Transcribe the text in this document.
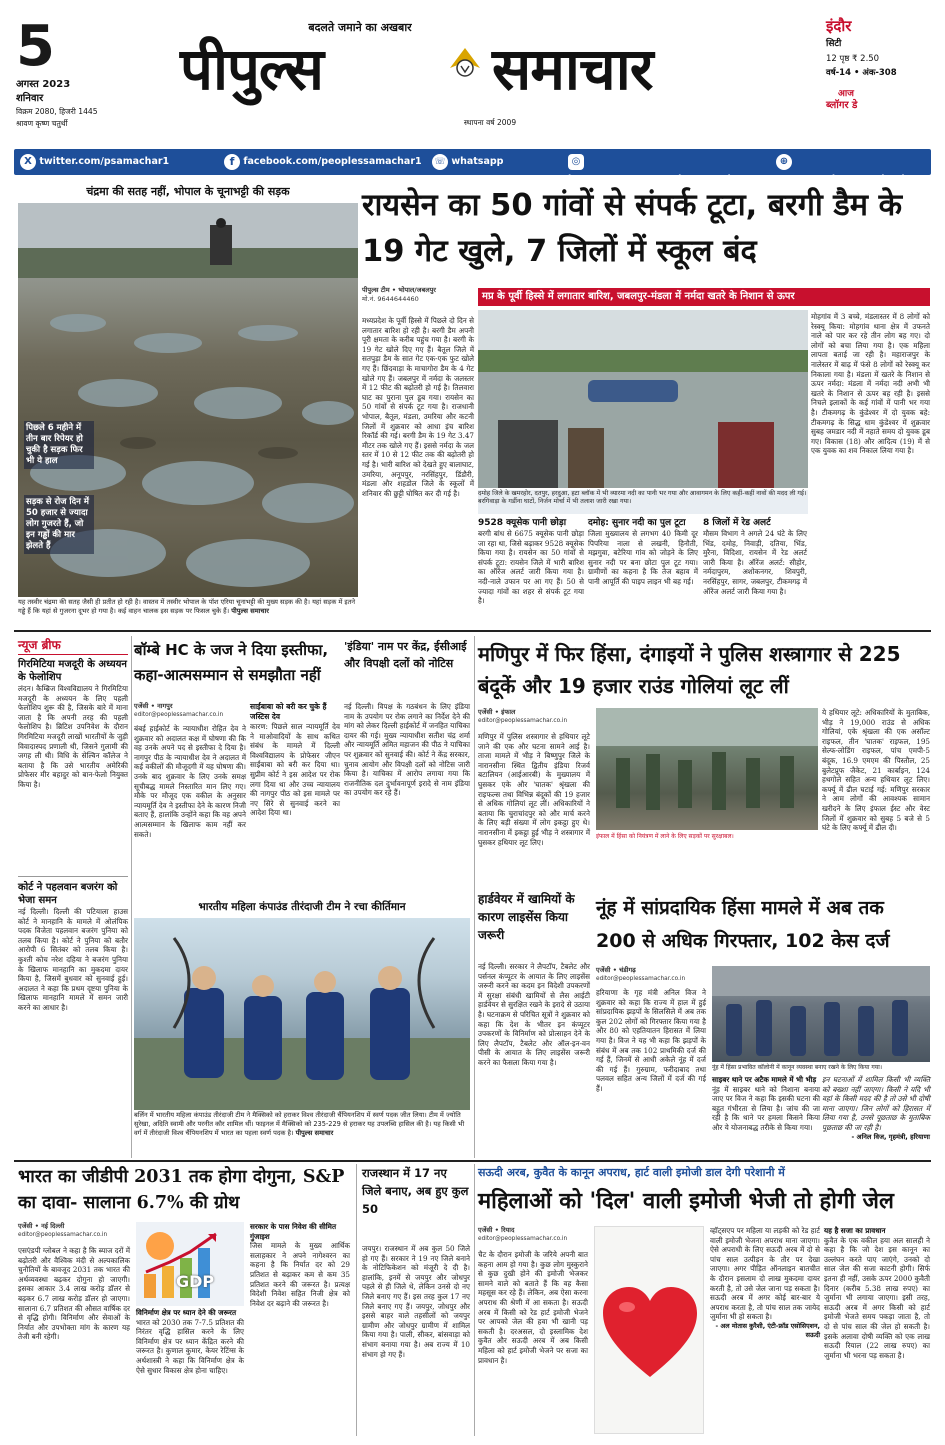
5
अगस्त 2023
शनिवार
विक्रम 2080, हिजरी 1445
श्रावण कृष्ण चतुर्थी
बदलते जमाने का अखबार
पीपुल्स	समाचार
स्थापना वर्ष 2009
इंदौर
सिटी
12 पृष्ठ ₹ 2.50
वर्ष-14 • अंक-308
आज
ब्लॉगर डे
X twitter.com/psamachar1	f facebook.com/peoplessamachar1 ☏ whatsapp 9644644460
◎ instagram.com/peoplessamachar1
⊕ www.peoplessamachar.in
चंद्रमा की सतह नहीं, भोपाल के चूनाभट्टी की सड़क
पिछले 6 महीने में तीन बार रिपेयर हो चुकी है सड़क फिर भी ये हाल
सड़क से रोज दिन में 50 हजार से ज्यादा लोग गुजरते हैं, जो इन गड्ढों की मार झेलते हैं
यह तस्वीर चंद्रमा की सतह जैसी ही प्रतीत हो रही है। वास्तव में तस्वीर भोपाल के पॉश एरिया चूनाभट्टी की मुख्य सड़क की है। यहां सड़क में इतने गड्ढे हैं कि यहां से गुजरना दूभर हो गया है। कई वाहन चालक इस सड़क पर फिसल चुके हैं। पीपुल्स समाचार
रायसेन का 50 गांवों से संपर्क टूटा, बरगी डैम के 19 गेट खुले, 7 जिलों में स्कूल बंद
पीपुल्स टीम • भोपाल/जबलपुर
मो.नं. 9644644460	मप्र के पूर्वी हिस्से में लगातार बारिश, जबलपुर-मंडला में नर्मदा खतरे के निशान से ऊपर
मध्यप्रदेश के पूर्वी हिस्से में पिछले दो दिन से लगातार बारिश हो रही है। बरगी डैम अपनी पूरी क्षमता के करीब पहुंच गया है। बरगी के 19 गेट खोले दिए गए हैं। बैतूल जिले में सतपुड़ा डैम के सात गेट एक-एक फुट खोले गए हैं। छिंदवाड़ा के माचागोरा डैम के 4 गेट खोले गए हैं। जबलपुर में नर्मदा के जलस्तर में 12 फीट की बढ़ोतरी हो गई है। तिलवारा घाट का पुराना पुल डूब गया। रायसेन का 50 गांवों से संपर्क टूट गया है। राजधानी भोपाल, बैतूल, मंडला, उमरिया और कटनी जिलों में शुक्रवार को आधा इंच बारिश रिकॉर्ड की गई। बरगी डैम के 19 गेट 3.47 मीटर तक खोले गए हैं। इससे नर्मदा के जल स्तर में 10 से 12 फीट तक की बढ़ोतरी हो गई है। भारी बारिश को देखते हुए बालाघाट, उमरिया, अनूपपुर, नरसिंहपुर, डिंडौरी, मंडला और शहडोल जिले के स्कूलों में शनिवार की छुट्टी घोषित कर दी गई है।	दमोह जिले के खमरहोर, दतपुर, हरदुआ, हटा ब्लॉक में भी व्यारमा नदी का पानी भर गया और आवागमन के लिए कहीं-कहीं नावों की मदद ली गई। बरगिवाड़ा के गर्डीना घाटों, निर्जन मोर्चा में भी तलाश जारी रखा गया।
मोहगांव में 3 बच्चे, मंडलास्तर में 8 लोगों को रेस्क्यू किया: मोहगांव थाना क्षेत्र में उफनते नाले को पार कर रहे तीन लोग बह गए। दो लोगों को बचा लिया गया है। एक महिला लापता बताई जा रही है। महाराजपुर के नालेस्तर में बाढ़ में फंसे 8 लोगों को रेस्क्यू कर निकाला गया है। मंडला में खतरे के निशान से ऊपर नर्मदा: मंडला में नर्मदा नदी अभी भी खतरे के निशान से ऊपर बह रही है। इससे निचले इलाकों के कई गांवों में पानी भर गया है। टीकमगढ़ के कुंडेश्वर में दो युवक बहे: टीकमगढ़ के सिद्ध धाम कुंडेश्वर में शुक्रवार सुबह जमडार नदी में नहाते समय दो युवक डूब गए। विकास (18) और आदित्य (19) में से एक युवक का शव निकाल लिया गया है।
9528 क्यूसेक पानी छोड़ा
बरगी बांध से 6675 क्यूसेक पानी छोड़ा जा रहा था, जिसे बढ़ाकर 9528 क्यूसेक किया गया है। रायसेन का 50 गांवों से संपर्क टूटा: रायसेन जिले में भारी बारिश का ऑरेंज अलर्ट जारी किया गया है। नदी-नाले उफान पर आ गए हैं। 50 से ज्यादा गांवों का शहर से संपर्क टूट गया है।
दमोह: सुनार नदी का पुल टूटा
जिला मुख्यालय से लगभग 40 किमी दूर पिपरिया नाला से लखनी, हिनौती, मझगुवा, बटेरिया गांव को जोड़ने के लिए सुनार नदी पर बना छोटा पुल टूट गया। ग्रामीणों का कहना है कि तेज बहाव में पानी आपूर्ति की पाइप लाइन भी बह गई।
8 जिलों में रेड अलर्ट
मौसम विभाग ने अगले 24 घंटे के लिए भिंड, दमोह, निवाड़ी, दतिया, भिंड, मुरैना, विदिशा, रायसेन में रेड अलर्ट जारी किया है। ऑरेंज अलर्ट: सीहोर, नर्मदापुरम, अशोकनगर, शिवपुरी, नरसिंहपुर, सागर, जबलपुर, टीकमगढ़ में ऑरेंज अलर्ट जारी किया गया है।
न्यूज ब्रीफ
गिरमिटिया मजदूरी के अध्ययन के फेलोशिप
लंदन। कैम्ब्रिज विश्वविद्यालय ने गिरमिटिया मजदूरी के अध्ययन के लिए पहली फेलोशिप शुरू की है, जिसके बारे में माना जाता है कि अपनी तरह की पहली फेलोशिप है। ब्रिटिश उपनिवेश के दौरान गिरमिटिया मजदूरी लाखों भारतीयों के जुड़ी विवादास्पद प्रणाली थी, जिसने गुलामी की जगह ली थी। विधि के सेल्विन कॉलेज ने बताया है कि उसे भारतीय अमेरिकी प्रोफेसर मीर बहादुर को बान-फेलो नियुक्त किया है।
कोर्ट ने पहलवान बजरंग को भेजा समन
नई दिल्ली। दिल्ली की पटियाला हाउस कोर्ट ने मानहानि के मामले में ओलंपिक पदक विजेता पहलवान बजरंग पुनिया को तलब किया है। कोर्ट ने पुनिया को बतौर आरोपी 6 सितंबर को तलब किया है। कुश्ती कोच नरेश दहिया ने बजरंग पुनिया के खिलाफ मानहानि का मुकदमा दायर किया है, जिसमें बुधवार को सुनवाई हुई। अदालत ने कहा कि प्रथम दृष्टया पुनिया के खिलाफ मानहानि मामले में समन जारी करने का आधार है।
बॉम्बे HC के जज ने दिया इस्तीफा, कहा-आत्मसम्मान से समझौता नहीं
एजेंसी • नागपुर
editor@peoplessamachar.co.in
बंबई हाईकोर्ट के न्यायाधीश रोहित देव ने शुक्रवार को अदालत कक्ष में घोषणा की कि वह उनके अपने पद से इस्तीफा दे दिया है। नागपुर पीठ के न्यायाधीश देव ने अदालत में कई वकीलों की मौजूदगी में यह घोषणा की। उनके बाद शुक्रवार के लिए उनके समक्ष सूचीबद्ध मामले निस्तारित मान लिए गए। मौके पर मौजूद एक वकील के अनुसार न्यायमूर्ति देव ने इस्तीफा देने के कारण निजी बताए हैं, हालांकि उन्होंने कहा कि वह अपने आत्मसम्मान के खिलाफ काम नहीं कर सकते।
साईंबाबा को बरी कर चुके हैं जस्टिस देव
कारण: पिछले साल न्यायमूर्ति देव ने माओवादियों के साथ कथित संबंध के मामले में दिल्ली विश्वविद्यालय के प्रोफेसर जीएन साईंबाबा को बरी कर दिया था। सुप्रीम कोर्ट ने इस आदेश पर रोक लगा दिया था और उच्च न्यायालय की नागपुर पीठ को इस मामले पर नए सिरे से सुनवाई करने का आदेश दिया था।
'इंडिया' नाम पर केंद्र, ईसीआई और विपक्षी दलों को नोटिस
नई दिल्ली। विपक्ष के गठबंधन के लिए इंडिया नाम के उपयोग पर रोक लगाने का निर्देश देने की मांग को लेकर दिल्ली हाईकोर्ट में जनहित याचिका दायर की गई। मुख्य न्यायाधीश सतीश चंद्र शर्मा और न्यायमूर्ति अमित महाजन की पीठ ने याचिका पर शुक्रवार को सुनवाई की। कोर्ट ने केंद्र सरकार, चुनाव आयोग और विपक्षी दलों को नोटिस जारी किया है। याचिका में आरोप लगाया गया कि राजनीतिक दल दुर्भावनापूर्ण इरादे से नाम इंडिया का उपयोग कर रहे हैं।
मणिपुर में फिर हिंसा, दंगाइयों ने पुलिस शस्त्रागार से 225 बंदूकें और 19 हजार राउंड गोलियां लूट लीं
एजेंसी • इंफाल
editor@peoplessamachar.co.in
मणिपुर में पुलिस शस्त्रागार से हथियार लूटे जाने की एक और घटना सामने आई है। ताजा मामले में भीड़ ने बिष्णुपुर जिले के नारानसीना स्थित द्वितीय इंडिया रिजर्व बटालियन (आईआरबी) के मुख्यालय में घुसकर एके और 'घातक' श्रृंखला की राइफल्स तथा विभिन्न बंदूकों की 19 हजार से अधिक गोलियां लूट लीं। अधिकारियों ने बताया कि चुराचांदपुर को और मार्च करने के लिए बड़ी संख्या में लोग इकट्ठा हुए थे। नारानसीना में इकट्ठा हुई भीड़ ने शस्त्रागार में घुसकर हथियार लूट लिए।
इंफाल में हिंसा को नियंत्रण में लाने के लिए सड़कों पर सुरक्षाबल।
ये हथियार लूटे: अधिकारियों के मुताबिक, भीड़ ने 19,000 राउंड से अधिक गोलियां, एके श्रृंखला की एक असॉल्ट राइफल, तीन 'घातक' राइफल, 195 सेल्फ-लोडिंग राइफल, पांच एमपी-5 बंदूक, 16.9 एमएम की पिस्तौल, 25 बुलेटप्रूफ जैकेट, 21 कार्बाइन, 124 हथगोले सहित अन्य हथियार लूट लिए। कर्फ्यू में ढील घटाई गई: मणिपुर सरकार ने आम लोगों की आवश्यक सामान खरीदने के लिए इंफाल ईस्ट और वेस्ट जिलों में शुक्रवार को सुबह 5 बजे से 5 घंटे के लिए कर्फ्यू में ढील दी।
भारतीय महिला कंपाउंड तीरंदाजी टीम ने रचा कीर्तिमान
बर्लिन में भारतीय महिला कंपाउंड तीरंदाजी टीम ने मैक्सिको को हराकर विश्व तीरंदाजी चैंपियनशिप में स्वर्ण पदक जीत लिया। टीम में ज्योति सुरेखा, अदिति स्वामी और परनीत कौर शामिल थीं। फाइनल में मैक्सिको को 235-229 से हराकर यह उपलब्धि हासिल की है। यह किसी भी वर्ग में तीरंदाजी विश्व चैंपियनशिप में भारत का पहला स्वर्ण पदक है। पीपुल्स समाचार
हार्डवेयर में खामियों के कारण लाइसेंस किया जरूरी
नई दिल्ली। सरकार ने लैपटॉप, टैबलेट और पर्सनल कंप्यूटर के आयात के लिए लाइसेंस जरूरी करने का कदम इन विदेशी उपकरणों में सुरक्षा संबंधी खामियों से लैस आईटी हार्डवेयर से सुरक्षित रखने के इरादे से उठाया है। घटनाक्रम से परिचित सूत्रों ने शुक्रवार को कहा कि देश के भीतर इन कंप्यूटर उपकरणों के विनिर्माण को प्रोत्साहन देने के लिए लैपटॉप, टैबलेट और ऑल-इन-वन पीसी के आयात के लिए लाइसेंस जरूरी करने का फैसला किया गया है।
नूंह में सांप्रदायिक हिंसा मामले में अब तक 200 से अधिक गिरफ्तार, 102 केस दर्ज
एजेंसी • चंडीगढ़
editor@peoplessamachar.co.in
हरियाणा के गृह मंत्री अनिल विज ने शुक्रवार को कहा कि राज्य में हाल में हुई सांप्रदायिक झड़पों के सिलसिले में अब तक कुल 202 लोगों को गिरफ्तार किया गया है और 80 को एहतियातन हिरासत में लिया गया है। विज ने यह भी कहा कि झड़पों के संबंध में अब तक 102 प्राथमिकी दर्ज की गई हैं, जिनमें से आधी अकेले नूंह में दर्ज की गई हैं। गुरुग्राम, फरीदाबाद तथा पलवल सहित अन्य जिलों में दर्ज की गई हैं।
नूंह में हिंसा प्रभावित कॉलोनी में कानून व्यवस्था बनाए रखने के लिए किया गया।
साइबर थाने पर अटैक मामले में भी भीड़
नूंह में साइबर थाने को निशाना बनाया जाए पर विज ने कहा कि इसकी घटना की बहुत गंभीरता से लिया है। जांच की जा रही है कि थाने पर हमला किसने किया और ये योजनाबद्ध तरीके से किया गया।
इन घटनाओं में शामिल किसी भी व्यक्ति को बख्शा नहीं जाएगा। किसी ने यदि भी वहां के किसी मदद की है तो उसे भी दोषी माना जाएगा। जिन लोगों को हिरासत में लिया गया है, उनसे पूछताछ के मुताबिक पूछताछ की जा रही है।
- अनिल विज, गृहमंत्री, हरियाणा
भारत का जीडीपी 2031 तक होगा दोगुना, S&P का दावा- सालाना 6.7% की ग्रोथ
एजेंसी • नई दिल्ली
editor@peoplessamachar.co.in
एसएंडपी ग्लोबल ने कहा है कि ब्याज दरों में बढ़ोतरी और वैश्विक मंदी से अल्पकालिक चुनौतियों के बावजूद 2031 तक भारत की अर्थव्यवस्था बढ़कर दोगुना हो जाएगी। इसका आकार 3.4 लाख करोड़ डॉलर से बढ़कर 6.7 लाख करोड़ डॉलर हो जाएगा। सालाना 6.7 प्रतिशत की औसत वार्षिक दर से वृद्धि होगी। विनिर्माण और सेवाओं के निर्यात और उपभोक्ता मांग के कारण यह तेजी बनी रहेगी।
GDP
विनिर्माण क्षेत्र पर ध्यान देने की जरूरत
भारत को 2030 तक 7-7.5 प्रतिशत की निरंतर वृद्धि हासिल करने के लिए विनिर्माण क्षेत्र पर ध्यान केंद्रित करने की जरूरत है। कुणाल कुमार, केयर रेटिंग्स के अर्थशास्त्री ने कहा कि विनिर्माण क्षेत्र के ऐसे सुधार विकास क्षेत्र होना चाहिए।
सरकार के पास निवेश की सीमित गुंजाइश
जिस मामले के मुख्य आर्थिक सलाहकार ने अपने नागेश्वरन का कहना है कि निर्यात दर को 29 प्रतिशत से बढ़ाकर कम से कम 35 प्रतिशत करने की जरूरत है। प्रत्यक्ष विदेशी निवेश सहित निजी क्षेत्र को निवेश दर बढ़ाने की जरूरत है।
राजस्थान में 17 नए जिले बनाए, अब हुए कुल 50
जयपुर। राजस्थान में अब कुल 50 जिले हो गए हैं। सरकार ने 19 नए जिले बनाने के नोटिफिकेशन को मंजूरी दे दी है। हालांकि, इनमें से जयपुर और जोधपुर पहले से ही जिले थे, लेकिन उनसे दो नए जिले बनाए गए हैं। इस तरह कुल 17 नए जिले बनाए गए हैं। जयपुर, जोधपुर और इससे बाहर वाले तहसीलों को जयपुर ग्रामीण और जोधपुर ग्रामीण में शामिल किया गया है। पाली, सीकर, बांसवाड़ा को संभाग बनाया गया है। अब राज्य में 10 संभाग हो गए हैं।
सऊदी अरब, कुवैत के कानून अपराध, हार्ट वाली इमोजी डाल देगी परेशानी में
महिलाओं को 'दिल' वाली इमोजी भेजी तो होगी जेल
एजेंसी • रियाद
editor@peoplessamachar.co.in
चैट के दौरान इमोजी के जरिये अपनी बात कहना आम हो गया है। कुछ लोग मुस्कुराने से कुछ दुखी होने की इमोजी भेजकर सामने वाले को बताते हैं कि वह कैसा महसूस कर रहे हैं। लेकिन, अब ऐसा करना अपराध की श्रेणी में आ सकता है। सऊदी अरब में किसी को रेड हार्ट इमोजी भेजने पर आपको जेल की हवा भी खानी पड़ सकती है। दरअसल, दो इस्लामिक देश कुवैत और सऊदी अरब में अब किसी महिला को हार्ट इमोजी भेजने पर सजा का प्रावधान है।
व्हॉट्सएप पर महिला या लड़की को रेड हार्ट वाली इमोजी भेजना अपराध माना जाएगा। ऐसे अपराधी के लिए सऊदी अरब में दो से पांच साल उत्पीड़न के तौर पर देखा जाएगा। अगर पीड़ित ऑनलाइन बातचीत के दौरान इसलाम दो लाख मुकदमा दायर करती है, तो उसे जेल जाना पड़ सकता है। सऊदी अरब में अगर कोई बार-बार ये अपराध करता है, तो पांच साल तक जायेद जुर्माना भी हो सकता है।
- अल मोतास कुरैशी, एंटी-फ्रॉड एसोसिएशन, सऊदी
यह है सजा का प्रावधान
कुवैत के एक वकील हया अल सालही ने कहा है कि जो देश इस कानून का उल्लंघन करते पाए जाएंगे, उनको दो साल जेल की सजा काटनी होगी। सिर्फ इतना ही नहीं, उसके ऊपर 2000 कुवैती दिनार (करीब 5.38 लाख रुपए) का जुर्माना भी लगाया जाएगा। इसी तरह, सऊदी अरब में अगर किसी को हार्ट इमोजी भेजते समय पकड़ा जाता है, तो दो से पांच साल की जेल हो सकती है। इसके अलावा दोषी व्यक्ति को एक लाख सऊदी रियाल (22 लाख रुपए) का जुर्माना भी भरना पड़ सकता है।
